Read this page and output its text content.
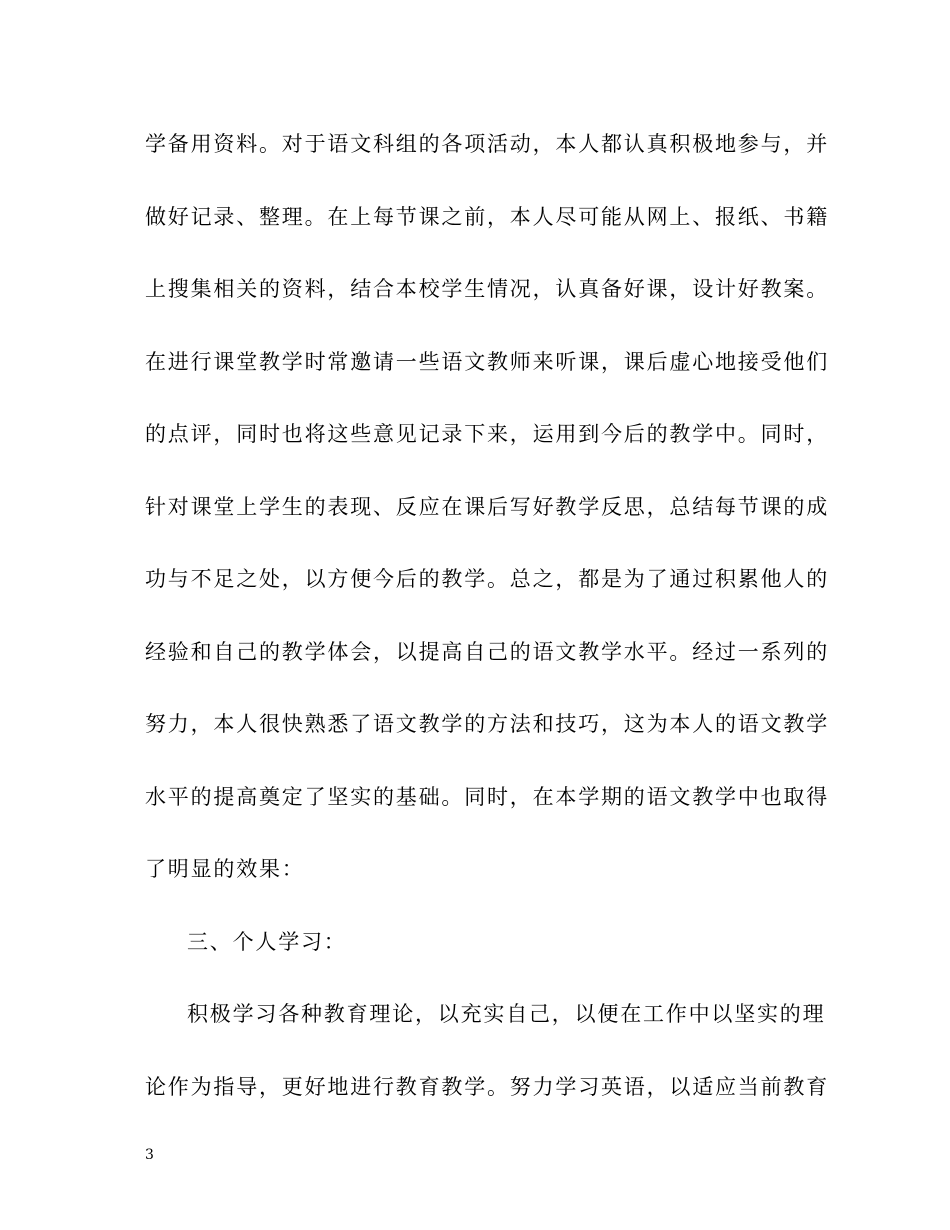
学备用资料。对于语文科组的各项活动，本人都认真积极地参与，并
做好记录、整理。在上每节课之前，本人尽可能从网上、报纸、书籍
上搜集相关的资料，结合本校学生情况，认真备好课，设计好教案。
在进行课堂教学时常邀请一些语文教师来听课，课后虚心地接受他们
的点评，同时也将这些意见记录下来，运用到今后的教学中。同时，
针对课堂上学生的表现、反应在课后写好教学反思，总结每节课的成
功与不足之处，以方便今后的教学。总之，都是为了通过积累他人的
经验和自己的教学体会，以提高自己的语文教学水平。经过一系列的
努力，本人很快熟悉了语文教学的方法和技巧，这为本人的语文教学
水平的提高奠定了坚实的基础。同时，在本学期的语文教学中也取得
了明显的效果：
三、个人学习：
积极学习各种教育理论，以充实自己，以便在工作中以坚实的理
论作为指导，更好地进行教育教学。努力学习英语，以适应当前教育
3
